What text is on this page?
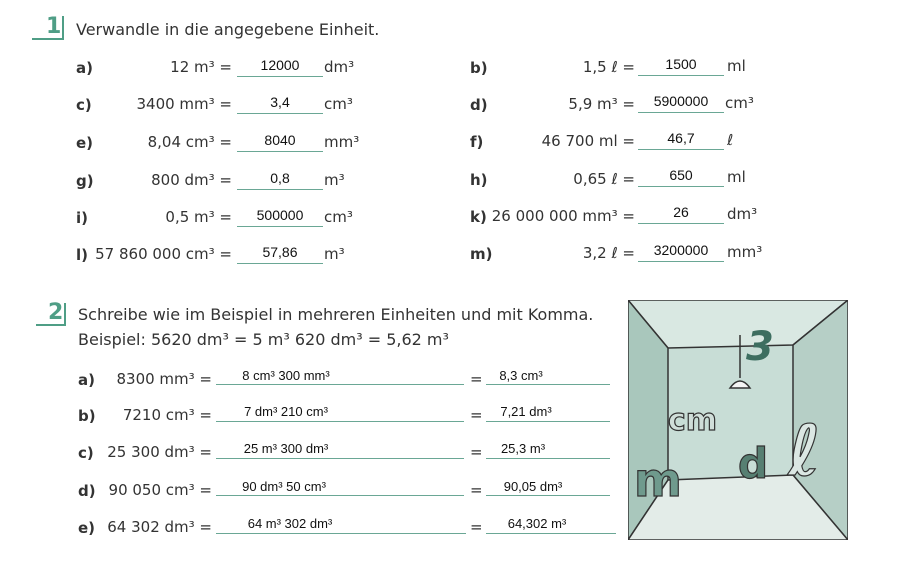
1 Verwandle in die angegebene Einheit.
a)	12 m³ =	12000	dm³
c)	3400 mm³ =	3,4	cm³
e)	8,04 cm³ =	8040	mm³
g)	800 dm³ =	0,8	m³
i)	0,5 m³ =	500000	cm³
l) 57 860 000 cm³ =	57,86	m³
b)	1,5 ℓ =	1500	ml
d)	5,9 m³ =	5900000	cm³
f)	46 700 ml =	46,7	ℓ
h)	0,65 ℓ =	650	ml
k) 26 000 000 mm³ =	26	dm³
m)	3,2 ℓ =	3200000	mm³
2 Schreibe wie im Beispiel in mehreren Einheiten und mit Komma.
Beispiel: 5620 dm³ = 5 m³ 620 dm³ = 5,62 m³
a) 8300 mm³ =	8 cm³ 300 mm³	=	8,3 cm³
b) 7210 cm³ =	7 dm³ 210 cm³	=	7,21 dm³
c) 25 300 dm³ =	25 m³ 300 dm³	=	25,3 m³
d) 90 050 cm³ =	90 dm³ 50 cm³	=	90,05 dm³
e) 64 302 dm³ =	64 m³ 302 dm³	=	64,302 m³
3
cm
m d ℓ
